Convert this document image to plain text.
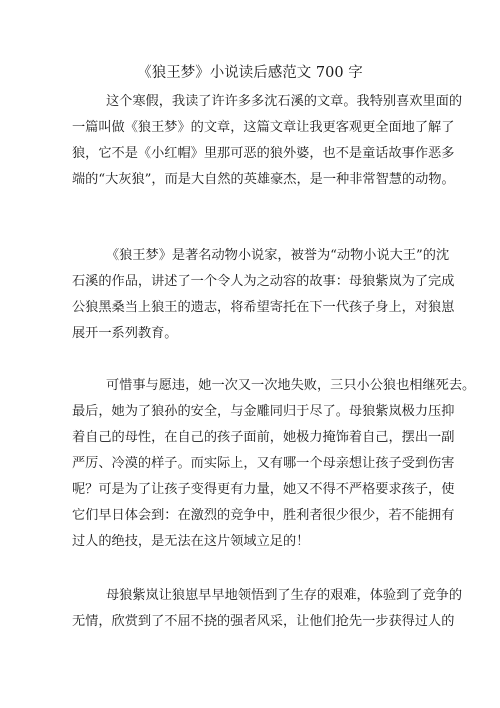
《狼王梦》小说读后感范文 700 字
这个寒假，我读了许许多多沈石溪的文章。我特别喜欢里面的
一篇叫做《狼王梦》的文章，这篇文章让我更客观更全面地了解了
狼，它不是《小红帽》里那可恶的狼外婆，也不是童话故事作恶多
端的“大灰狼”，而是大自然的英雄豪杰，是一种非常智慧的动物。
《狼王梦》是著名动物小说家，被誉为“动物小说大王”的沈
石溪的作品，讲述了一个令人为之动容的故事：母狼紫岚为了完成
公狼黑桑当上狼王的遗志，将希望寄托在下一代孩子身上，对狼崽
展开一系列教育。
可惜事与愿违，她一次又一次地失败，三只小公狼也相继死去。
最后，她为了狼孙的安全，与金雕同归于尽了。母狼紫岚极力压抑
着自己的母性，在自己的孩子面前，她极力掩饰着自己，摆出一副
严厉、冷漠的样子。而实际上，又有哪一个母亲想让孩子受到伤害
呢？可是为了让孩子变得更有力量，她又不得不严格要求孩子，使
它们早日体会到：在激烈的竞争中，胜利者很少很少，若不能拥有
过人的绝技，是无法在这片领域立足的！
母狼紫岚让狼崽早早地领悟到了生存的艰难，体验到了竞争的
无情，欣赏到了不屈不挠的强者风采，让他们抢先一步获得过人的
